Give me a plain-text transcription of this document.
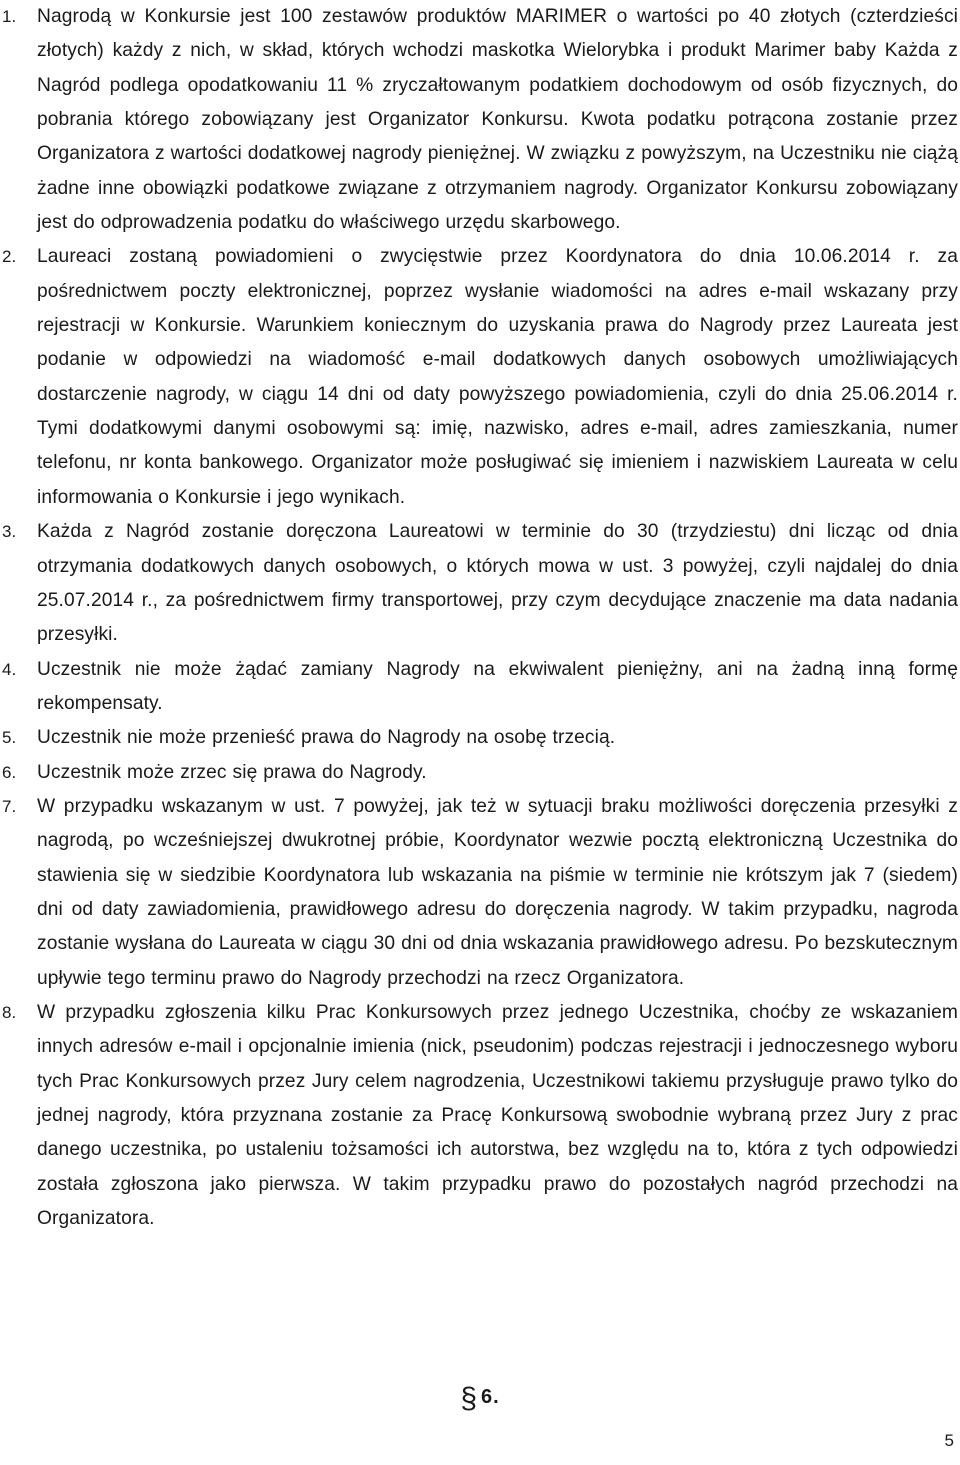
1.	Nagrodą w Konkursie jest 100 zestawów produktów MARIMER o wartości po 40 złotych (czterdzieści złotych) każdy z nich, w skład, których wchodzi maskotka Wielorybka i produkt Marimer baby Każda z Nagród podlega opodatkowaniu 11 % zryczałtowanym podatkiem dochodowym od osób fizycznych, do pobrania którego zobowiązany jest Organizator Konkursu. Kwota podatku potrącona zostanie przez Organizatora z wartości dodatkowej nagrody pieniężnej. W związku z powyższym, na Uczestniku nie ciążą żadne inne obowiązki podatkowe związane z otrzymaniem nagrody. Organizator Konkursu zobowiązany jest do odprowadzenia podatku do właściwego urzędu skarbowego.
2.	Laureaci zostaną powiadomieni o zwycięstwie przez Koordynatora do dnia 10.06.2014 r. za pośrednictwem poczty elektronicznej, poprzez wysłanie wiadomości na adres e-mail wskazany przy rejestracji w Konkursie. Warunkiem koniecznym do uzyskania prawa do Nagrody przez Laureata jest podanie w odpowiedzi na wiadomość e-mail dodatkowych danych osobowych umożliwiających dostarczenie nagrody, w ciągu 14 dni od daty powyższego powiadomienia, czyli do dnia 25.06.2014 r. Tymi dodatkowymi danymi osobowymi są: imię, nazwisko, adres e-mail, adres zamieszkania, numer telefonu, nr konta bankowego. Organizator może posługiwać się imieniem i nazwiskiem Laureata w celu informowania o Konkursie i jego wynikach.
3.	Każda z Nagród zostanie doręczona Laureatowi w terminie do 30 (trzydziestu) dni licząc od dnia otrzymania dodatkowych danych osobowych, o których mowa w ust. 3 powyżej, czyli najdalej do dnia 25.07.2014 r., za pośrednictwem firmy transportowej, przy czym decydujące znaczenie ma data nadania przesyłki.
4.	Uczestnik nie może żądać zamiany Nagrody na ekwiwalent pieniężny, ani na żadną inną formę rekompensaty.
5.	Uczestnik nie może przenieść prawa do Nagrody na osobę trzecią.
6.	Uczestnik może zrzec się prawa do Nagrody.
7.	W przypadku wskazanym w ust. 7 powyżej, jak też w sytuacji braku możliwości doręczenia przesyłki z nagrodą, po wcześniejszej dwukrotnej próbie, Koordynator wezwie pocztą elektroniczną Uczestnika do stawienia się w siedzibie Koordynatora lub wskazania na piśmie w terminie nie krótszym jak 7 (siedem) dni od daty zawiadomienia, prawidłowego adresu do doręczenia nagrody. W takim przypadku, nagroda zostanie wysłana do Laureata w ciągu 30 dni od dnia wskazania prawidłowego adresu. Po bezskutecznym upływie tego terminu prawo do Nagrody przechodzi na rzecz Organizatora.
8.	W przypadku zgłoszenia kilku Prac Konkursowych przez jednego Uczestnika, choćby ze wskazaniem innych adresów e-mail i opcjonalnie imienia (nick, pseudonim) podczas rejestracji i jednoczesnego wyboru tych Prac Konkursowych przez Jury celem nagrodzenia, Uczestnikowi takiemu przysługuje prawo tylko do jednej nagrody, która przyznana zostanie za Pracę Konkursową swobodnie wybraną przez Jury z prac danego uczestnika, po ustaleniu tożsamości ich autorstwa, bez względu na to, która z tych odpowiedzi została zgłoszona jako pierwsza. W takim przypadku prawo do pozostałych nagród przechodzi na Organizatora.
§ 6.
5
